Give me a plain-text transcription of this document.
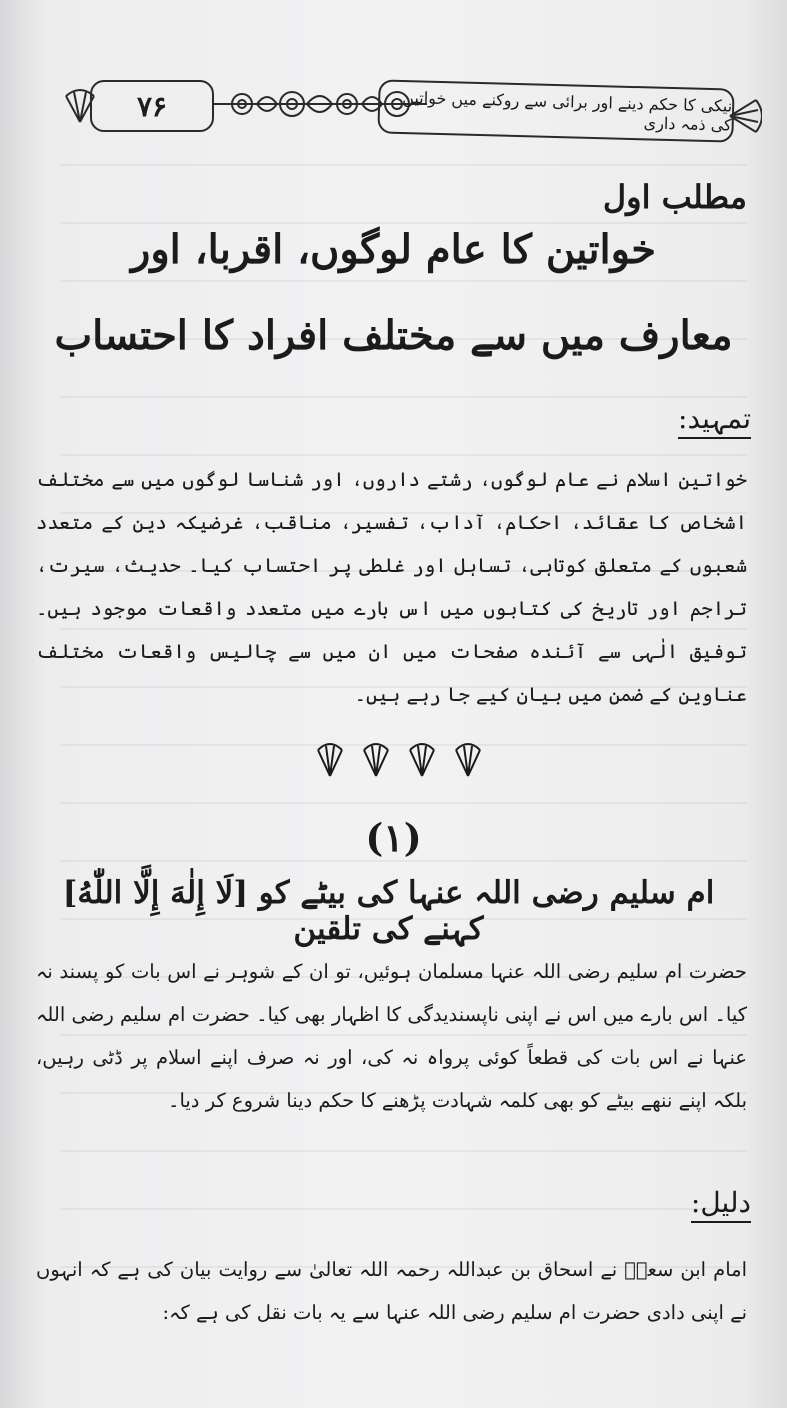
۷۶	نیکی کا حکم دینے اور برائی سے روکنے میں خواتین کی ذمہ داری
مطلب اول
خواتین کا عام لوگوں، اقربا، اور
معارف میں سے مختلف افراد کا احتساب
تمہید:

خواتین اسلام نے عام لوگوں، رشتے داروں، اور شناسا لوگوں میں سے مختلف اشخاص کا عقائد، احکام، آداب، تفسیر، مناقب، غرضیکہ دین کے متعدد شعبوں کے متعلق کوتاہی، تساہل اور غلطی پر احتساب کیا۔ حدیث، سیرت، تراجم اور تاریخ کی کتابوں میں اس بارے میں متعدد واقعات موجود ہیں۔ توفیق الٰہی سے آئندہ صفحات میں ان میں سے چالیس واقعات مختلف عناوین کے ضمن میں بیان کیے جا رہے ہیں۔

(۱)
ام سلیم رضی اللہ عنہا کی بیٹے کو [لَا إِلٰهَ إِلَّا اللّٰهُ] کہنے کی تلقین

حضرت ام سلیم رضی اللہ عنہا مسلمان ہوئیں، تو ان کے شوہر نے اس بات کو پسند نہ کیا۔ اس بارے میں اس نے اپنی ناپسندیدگی کا اظہار بھی کیا۔ حضرت ام سلیم رضی اللہ عنہا نے اس بات کی قطعاً کوئی پرواہ نہ کی، اور نہ صرف اپنے اسلام پر ڈٹی رہیں، بلکہ اپنے ننھے بیٹے کو بھی کلمہ شہادت پڑھنے کا حکم دینا شروع کر دیا۔

دلیل:

امام ابن سعدؒ نے اسحاق بن عبداللہ رحمہ اللہ تعالیٰ سے روایت بیان کی ہے کہ انہوں نے اپنی دادی حضرت ام سلیم رضی اللہ عنہا سے یہ بات نقل کی ہے کہ:
